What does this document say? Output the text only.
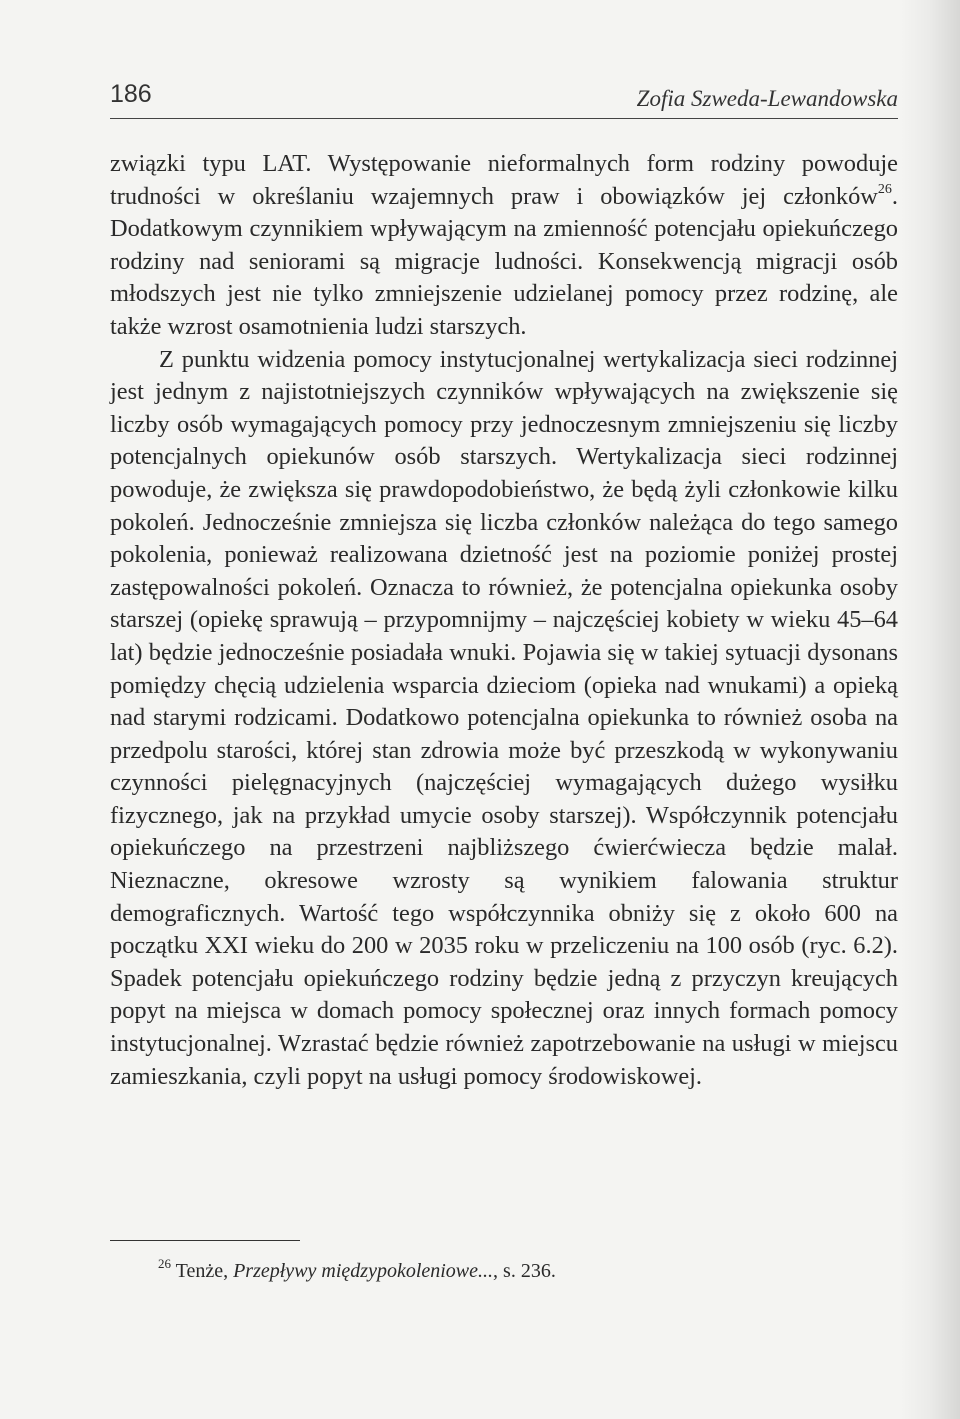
186	Zofia Szweda-Lewandowska

związki typu LAT. Występowanie nieformalnych form rodziny powoduje trudności w określaniu wzajemnych praw i obowiązków jej członków$^{26}$. Dodatkowym czynnikiem wpływającym na zmienność potencjału opiekuńczego rodziny nad seniorami są migracje ludności. Konsekwencją migracji osób młodszych jest nie tylko zmniejszenie udzielanej pomocy przez rodzinę, ale także wzrost osamotnienia ludzi starszych.

Z punktu widzenia pomocy instytucjonalnej wertykalizacja sieci rodzinnej jest jednym z najistotniejszych czynników wpływających na zwiększenie się liczby osób wymagających pomocy przy jednoczesnym zmniejszeniu się liczby potencjalnych opiekunów osób starszych. Wertykalizacja sieci rodzinnej powoduje, że zwiększa się prawdopodobieństwo, że będą żyli członkowie kilku pokoleń. Jednocześnie zmniejsza się liczba członków należąca do tego samego pokolenia, ponieważ realizowana dzietność jest na poziomie poniżej prostej zastępowalności pokoleń. Oznacza to również, że potencjalna opiekunka osoby starszej (opiekę sprawują – przypomnijmy – najczęściej kobiety w wieku 45–64 lat) będzie jednocześnie posiadała wnuki. Pojawia się w takiej sytuacji dysonans pomiędzy chęcią udzielenia wsparcia dzieciom (opieka nad wnukami) a opieką nad starymi rodzicami. Dodatkowo potencjalna opiekunka to również osoba na przedpolu starości, której stan zdrowia może być przeszkodą w wykonywaniu czynności pielęgnacyjnych (najczęściej wymagających dużego wysiłku fizycznego, jak na przykład umycie osoby starszej). Współczynnik potencjału opiekuńczego na przestrzeni najbliższego ćwierćwiecza będzie malał. Nieznaczne, okresowe wzrosty są wynikiem falowania struktur demograficznych. Wartość tego współczynnika obniży się z około 600 na początku XXI wieku do 200 w 2035 roku w przeliczeniu na 100 osób (ryc. 6.2). Spadek potencjału opiekuńczego rodziny będzie jedną z przyczyn kreujących popyt na miejsca w domach pomocy społecznej oraz innych formach pomocy instytucjonalnej. Wzrastać będzie również zapotrzebowanie na usługi w miejscu zamieszkania, czyli popyt na usługi pomocy środowiskowej.

$^{26}$ Tenże, Przepływy międzypokoleniowe..., s. 236.
